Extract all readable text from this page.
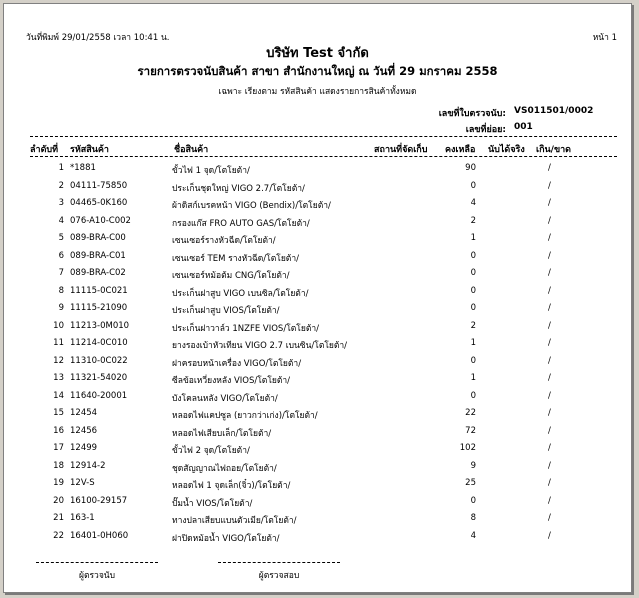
วันที่พิมพ์ 29/01/2558 เวลา 10:41 น.	หน้า 1
บริษัท Test จำกัด
รายการตรวจนับสินค้า สาขา สำนักงานใหญ่ ณ วันที่ 29 มกราคม 2558
เฉพาะ เรียงตาม รหัสสินค้า แสดงรายการสินค้าทั้งหมด
เลขที่ใบตรวจนับ: VS011501/0002
เลขที่ย่อย: 001
ลำดับที่ รหัสสินค้า	ชื่อสินค้า	สถานที่จัดเก็บ คงเหลือ นับได้จริง เกิน/ขาด
1 *1881	ขั้วไฟ 1 จุด/โตโยต้า/	90	/
2 04111-75850	ประเก็นชุดใหญ่ VIGO 2.7/โตโยต้า/	0	/
3 04465-0K160	ผ้าดิสก์เบรคหน้า VIGO (Bendix)/โตโยต้า/	4	/
4 076-A10-C002	กรองแก๊ส FRO AUTO GAS/โตโยต้า/	2	/
5 089-BRA-C00	เซนเซอร์รางหัวฉีด/โตโยต้า/	1	/
6 089-BRA-C01	เซนเซอร์ TEM รางหัวฉีด/โตโยต้า/	0	/
7 089-BRA-C02	เซนเซอร์หม้อต้ม CNG/โตโยต้า/	0	/
8 11115-0C021	ประเก็นฝาสูบ VIGO เบนซิล/โตโยต้า/	0	/
9 11115-21090	ประเก็นฝาสูบ VIOS/โตโยต้า/	0	/
10 11213-0M010	ประเก็นฝาวาล์ว 1NZFE VIOS/โตโยต้า/	2	/
11 11214-0C010	ยางรองเบ้าหัวเทียน VIGO 2.7 เบนซิน/โตโยต้า/	1	/
12 11310-0C022	ฝาครอบหน้าเครื่อง VIGO/โตโยต้า/	0	/
13 11321-54020	ซีลข้อเหวี่ยงหลัง VIOS/โตโยต้า/	1	/
14 11640-20001	บังโคลนหลัง VIGO/โตโยต้า/	0	/
15 12454	หลอดไฟแคปซูล (ยาวกว่าเก่ง)/โตโยต้า/	22	/
16 12456	หลอดไฟเสียบเล็ก/โตโยต้า/	72	/
17 12499	ขั้วไฟ 2 จุด/โตโยต้า/	102	/
18 12914-2	ชุดสัญญาณไฟถอย/โตโยต้า/	9	/
19 12V-S	หลอดไฟ 1 จุดเล็ก(จิ๋ว)/โตโยต้า/	25	/
20 16100-29157	ปั๊มน้ำ VIOS/โตโยต้า/	0	/
21 163-1	ทางปลาเสียบแบนตัวเมีย/โตโยต้า/	8	/
22 16401-0H060	ฝาปิดหม้อน้ำ VIGO/โตโยต้า/	4	/
ผู้ตรวจนับ	ผู้ตรวจสอบ
